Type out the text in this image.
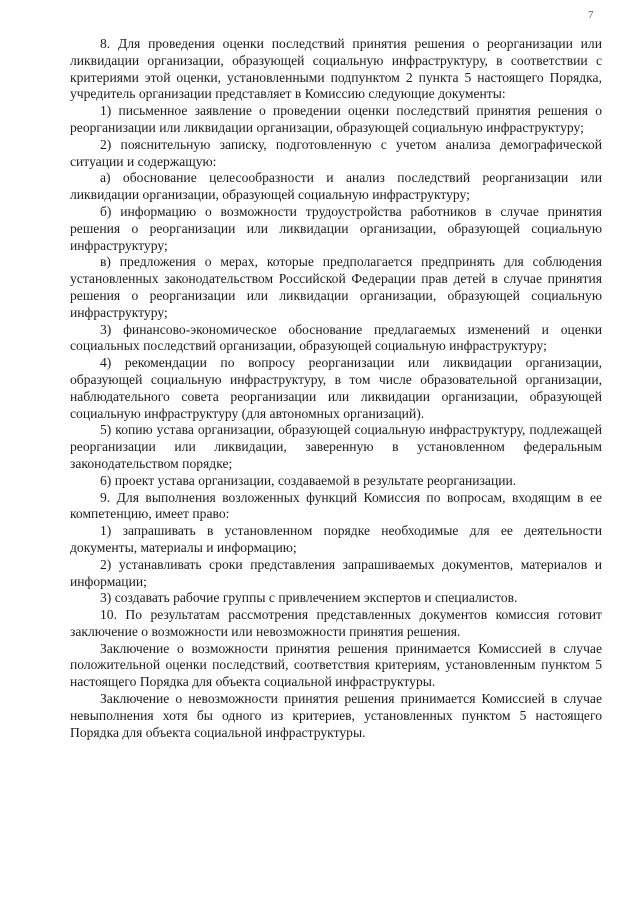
7

8. Для проведения оценки последствий принятия решения о реорганизации или ликвидации организации, образующей социальную инфраструктуру, в соответствии с критериями этой оценки, установленными подпунктом 2 пункта 5 настоящего Порядка, учредитель организации представляет в Комиссию следующие документы:

1) письменное заявление о проведении оценки последствий принятия решения о реорганизации или ликвидации организации, образующей социальную инфраструктуру;

2) пояснительную записку, подготовленную с учетом анализа демографической ситуации и содержащую:

а) обоснование целесообразности и анализ последствий реорганизации или ликвидации организации, образующей социальную инфраструктуру;

б) информацию о возможности трудоустройства работников в случае принятия решения о реорганизации или ликвидации организации, образующей социальную инфраструктуру;

в) предложения о мерах, которые предполагается предпринять для соблюдения установленных законодательством Российской Федерации прав детей в случае принятия решения о реорганизации или ликвидации организации, образующей социальную инфраструктуру;

3) финансово-экономическое обоснование предлагаемых изменений и оценки социальных последствий организации, образующей социальную инфраструктуру;

4) рекомендации по вопросу реорганизации или ликвидации организации, образующей социальную инфраструктуру, в том числе образовательной организации, наблюдательного совета реорганизации или ликвидации организации, образующей социальную инфраструктуру (для автономных организаций).

5) копию устава организации, образующей социальную инфраструктуру, подлежащей реорганизации или ликвидации, заверенную в установленном федеральным законодательством порядке;

6) проект устава организации, создаваемой в результате реорганизации.

9. Для выполнения возложенных функций Комиссия по вопросам, входящим в ее компетенцию, имеет право:

1) запрашивать в установленном порядке необходимые для ее деятельности документы, материалы и информацию;

2) устанавливать сроки представления запрашиваемых документов, материалов и информации;

3) создавать рабочие группы с привлечением экспертов и специалистов.

10. По результатам рассмотрения представленных документов комиссия готовит заключение о возможности или невозможности принятия решения.

Заключение о возможности принятия решения принимается Комиссией в случае положительной оценки последствий, соответствия критериям, установленным пунктом 5 настоящего Порядка для объекта социальной инфраструктуры.

Заключение о невозможности принятия решения принимается Комиссией в случае невыполнения хотя бы одного из критериев, установленных пунктом 5 настоящего Порядка для объекта социальной инфраструктуры.
